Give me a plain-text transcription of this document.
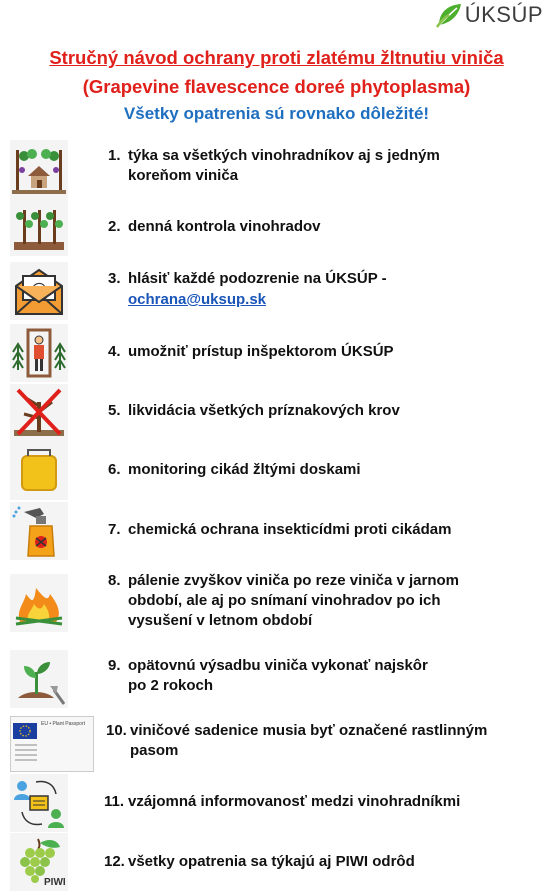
ÚKSÚP
Stručný návod ochrany proti zlatému žltnutiu viniča
(Grapevine flavescence doreé phytoplasma)
Všetky opatrenia sú rovnako dôležité!
1. týka sa všetkých vinohradníkov aj s jedným koreňom viniča
2. denná kontrola vinohradov
3. hlásiť každé podozrenie na ÚKSÚP -
ochrana@uksup.sk
4. umožniť prístup inšpektorom ÚKSÚP
5. likvidácia všetkých príznakových krov
6. monitoring cikád žltými doskami
7. chemická ochrana insekticídmi proti cikádam
8. pálenie zvyškov viniča po reze viniča v jarnom období, ale aj po snímaní vinohradov po ich vysušení v letnom období
9. opätovnú výsadbu viniča vykonať najskôr po 2 rokoch
EU • Plant Passport 10. viničové sadenice musia byť označené rastlinným pasom
11. vzájomná informovanosť medzi vinohradníkmi
PIWI
12. všetky opatrenia sa týkajú aj PIWI odrôd
